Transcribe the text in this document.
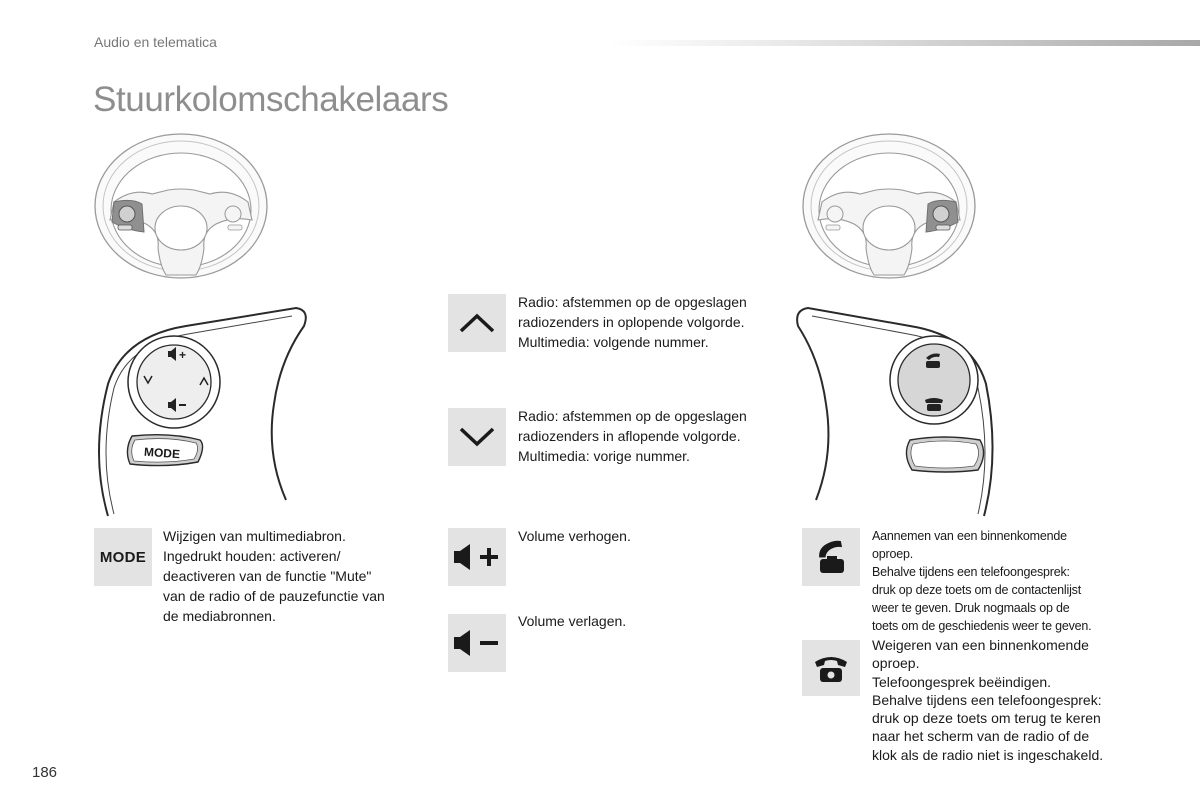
Audio en telematica
Stuurkolomschakelaars
+
MODE
Radio: afstemmen op de opgeslagen
radiozenders in oplopende volgorde.
Multimedia: volgende nummer.
Radio: afstemmen op de opgeslagen
radiozenders in aflopende volgorde.
Multimedia: vorige nummer.
MODE
Wijzigen van multimediabron.
Ingedrukt houden: activeren/
deactiveren van de functie "Mute"
van de radio of de pauzefunctie van
de mediabronnen.
Volume verhogen.
Volume verlagen.
Aannemen van een binnenkomende
oproep.
Behalve tijdens een telefoongesprek:
druk op deze toets om de contactenlijst
weer te geven. Druk nogmaals op de
toets om de geschiedenis weer te geven.
Weigeren van een binnenkomende
oproep.
Telefoongesprek beëindigen.
Behalve tijdens een telefoongesprek:
druk op deze toets om terug te keren
naar het scherm van de radio of de
klok als de radio niet is ingeschakeld.
186
